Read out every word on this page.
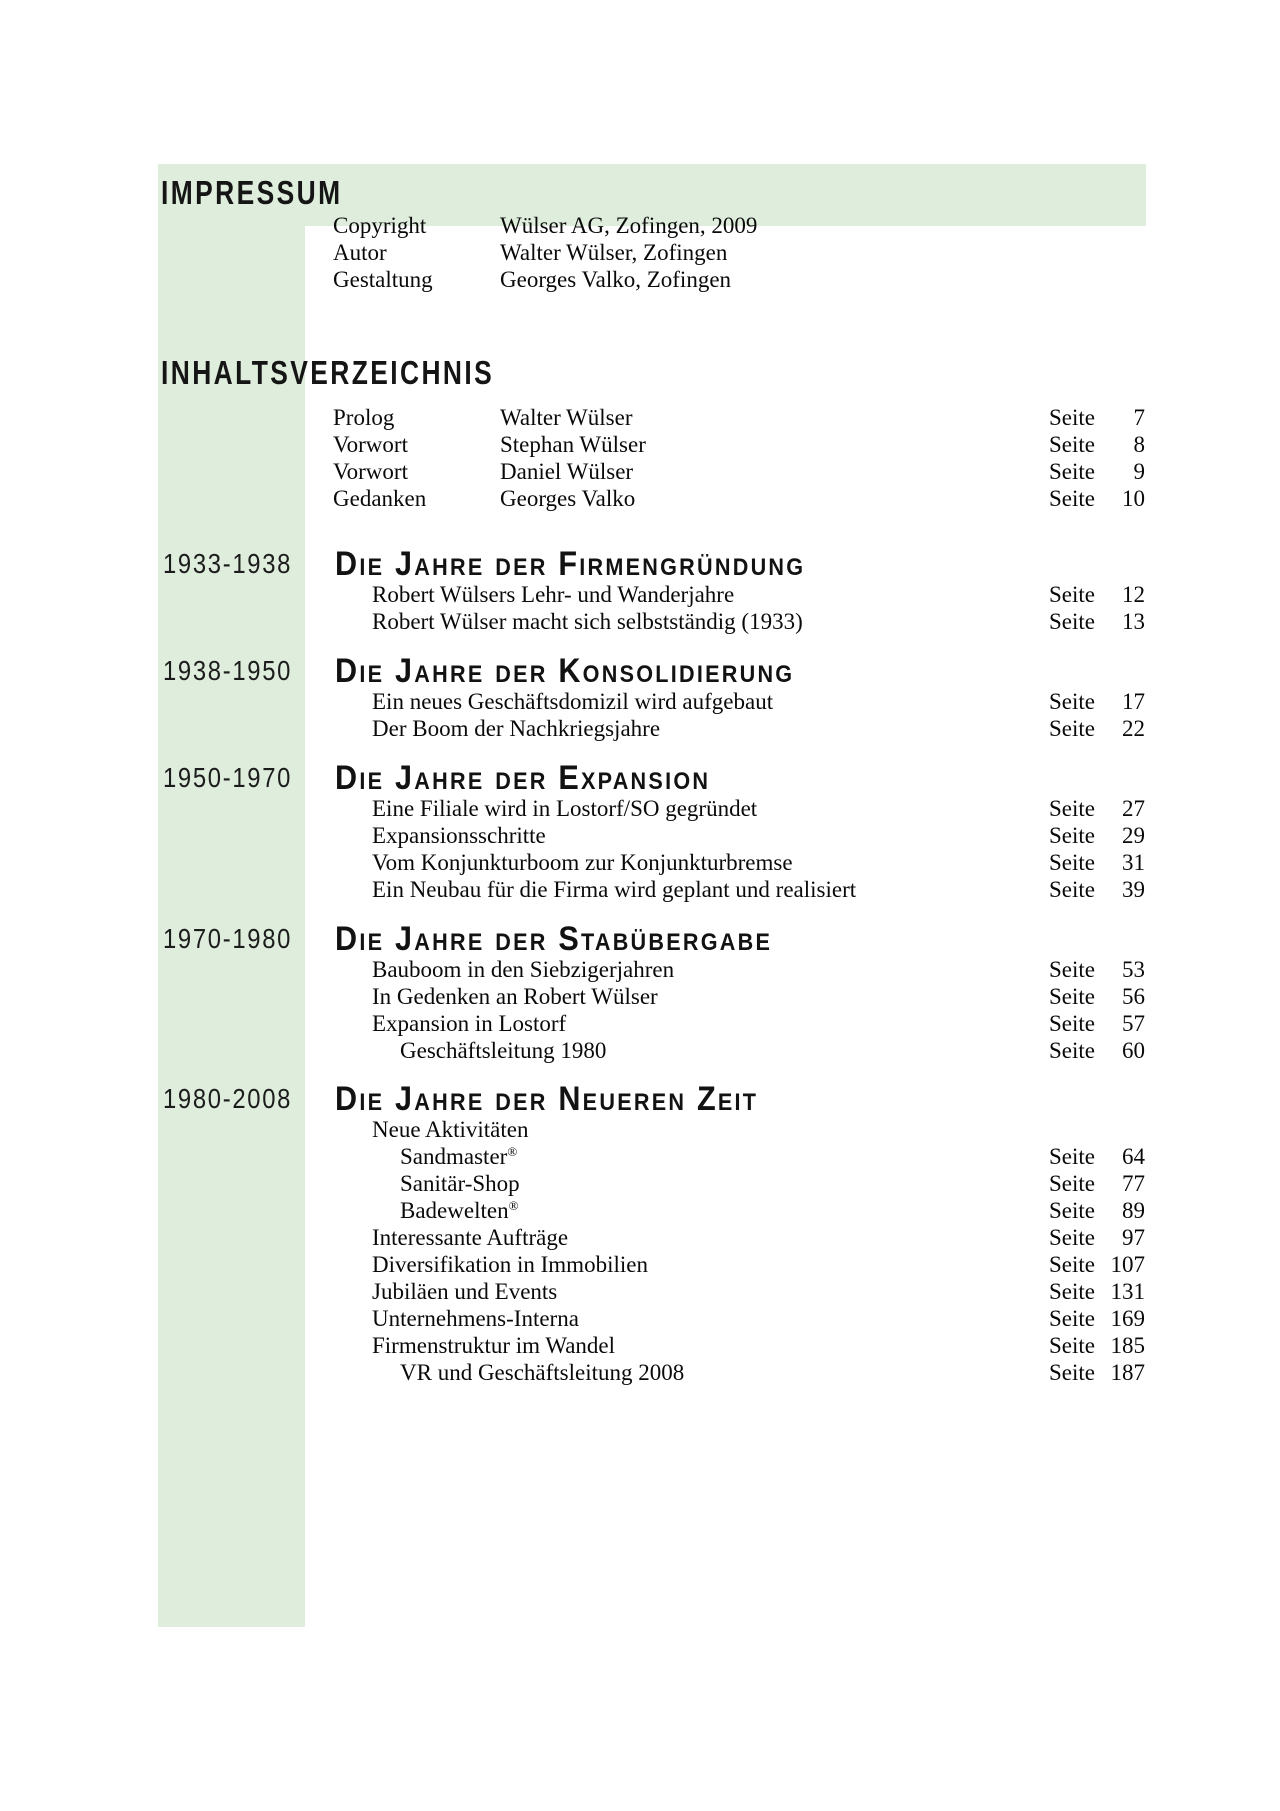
IMPRESSUM
Copyright	Wülser AG, Zofingen, 2009
Autor	Walter Wülser, Zofingen
Gestaltung	Georges Valko, Zofingen
INHALTSVERZEICHNIS
Prolog	Walter Wülser	Seite	7
Vorwort	Stephan Wülser	Seite	8
Vorwort	Daniel Wülser	Seite	9
Gedanken	Georges Valko	Seite	10
1933-1938 Die Jahre der Firmengründung
Robert Wülsers Lehr- und Wanderjahre	Seite	12
Robert Wülser macht sich selbstständig (1933)	Seite	13
1938-1950 Die Jahre der Konsolidierung
Ein neues Geschäftsdomizil wird aufgebaut	Seite	17
Der Boom der Nachkriegsjahre	Seite	22
1950-1970 Die Jahre der Expansion
Eine Filiale wird in Lostorf/SO gegründet	Seite	27
Expansionsschritte	Seite	29
Vom Konjunkturboom zur Konjunkturbremse	Seite	31
Ein Neubau für die Firma wird geplant und realisiert	Seite	39
1970-1980 Die Jahre der Stabübergabe
Bauboom in den Siebzigerjahren	Seite	53
In Gedenken an Robert Wülser	Seite	56
Expansion in Lostorf	Seite	57
Geschäftsleitung 1980	Seite	60
1980-2008 Die Jahre der Neueren Zeit
Neue Aktivitäten
Sandmaster®	Seite	64
Sanitär-Shop	Seite	77
Badewelten®	Seite	89
Interessante Aufträge	Seite	97
Diversifikation in Immobilien	Seite 107
Jubiläen und Events	Seite 131
Unternehmens-Interna	Seite 169
Firmenstruktur im Wandel	Seite 185
VR und Geschäftsleitung 2008	Seite 187
